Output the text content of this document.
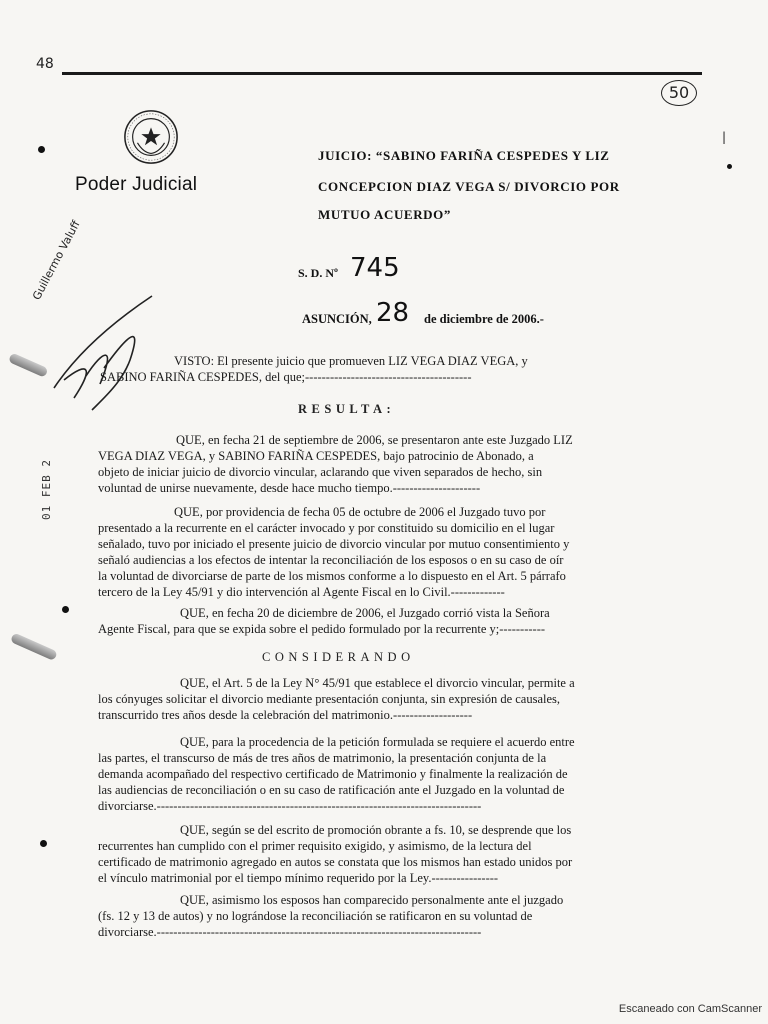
48
50
Poder Judicial
JUICIO: “SABINO FARIÑA CESPEDES Y LIZ
CONCEPCION DIAZ VEGA S/ DIVORCIO POR
MUTUO ACUERDO”
S. D. Nº 745
ASUNCIÓN, 28 de diciembre de 2006.-
Guillermo Valuff
01 FEB 2
|
VISTO: El presente juicio que promueven LIZ VEGA DIAZ VEGA, y
SABINO FARIÑA CESPEDES, del que;----------------------------------------
RESULTA:
QUE, en fecha 21 de septiembre de 2006, se presentaron ante este Juzgado LIZ
VEGA DIAZ VEGA, y SABINO FARIÑA CESPEDES, bajo patrocinio de Abonado, a
objeto de iniciar juicio de divorcio vincular, aclarando que viven separados de hecho, sin
voluntad de unirse nuevamente, desde hace mucho tiempo.---------------------
QUE, por providencia de fecha 05 de octubre de 2006 el Juzgado tuvo por
presentado a la recurrente en el carácter invocado y por constituido su domicilio en el lugar
señalado, tuvo por iniciado el presente juicio de divorcio vincular por mutuo consentimiento y
señaló audiencias a los efectos de intentar la reconciliación de los esposos o en su caso de oír
la voluntad de divorciarse de parte de los mismos conforme a lo dispuesto en el Art. 5 párrafo
tercero de la Ley 45/91 y dio intervención al Agente Fiscal en lo Civil.-------------
QUE, en fecha 20 de diciembre de 2006, el Juzgado corrió vista la Señora
Agente Fiscal, para que se expida sobre el pedido formulado por la recurrente y;-----------
CONSIDERANDO
QUE, el Art. 5 de la Ley N° 45/91 que establece el divorcio vincular, permite a
los cónyuges solicitar el divorcio mediante presentación conjunta, sin expresión de causales,
transcurrido tres años desde la celebración del matrimonio.-------------------
QUE, para la procedencia de la petición formulada se requiere el acuerdo entre
las partes, el transcurso de más de tres años de matrimonio, la presentación conjunta de la
demanda acompañado del respectivo certificado de Matrimonio y finalmente la realización de
las audiencias de reconciliación o en su caso de ratificación ante el Juzgado en la voluntad de
divorciarse.------------------------------------------------------------------------------
QUE, según se del escrito de promoción obrante a fs. 10, se desprende que los
recurrentes han cumplido con el primer requisito exigido, y asimismo, de la lectura del
certificado de matrimonio agregado en autos se constata que los mismos han estado unidos por
el vínculo matrimonial por el tiempo mínimo requerido por la Ley.----------------
QUE, asimismo los esposos han comparecido personalmente ante el juzgado
(fs. 12 y 13 de autos) y no lográndose la reconciliación se ratificaron en su voluntad de
divorciarse.------------------------------------------------------------------------------
Escaneado con CamScanner
